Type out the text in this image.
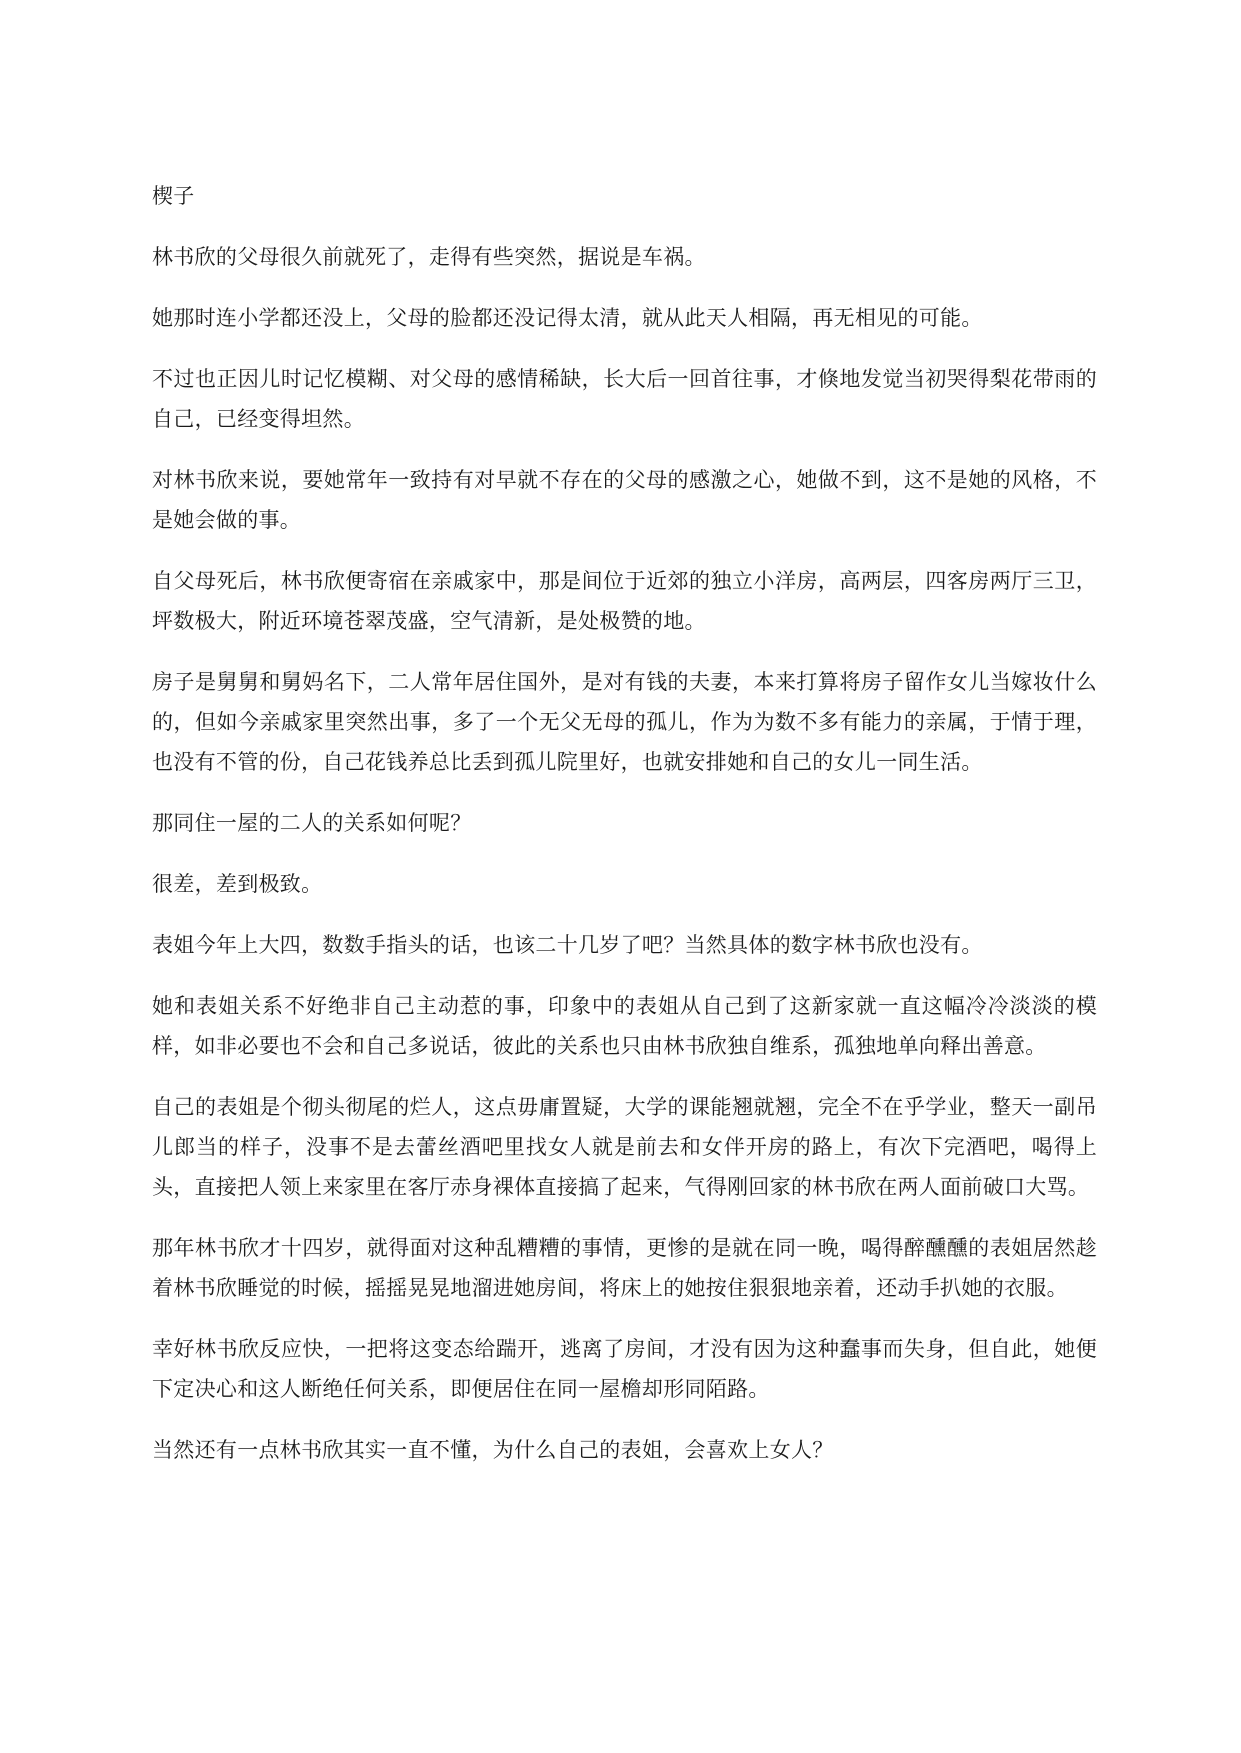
楔子

林书欣的父母很久前就死了，走得有些突然，据说是车祸。

她那时连小学都还没上，父母的脸都还没记得太清，就从此天人相隔，再无相见的可能。

不过也正因儿时记忆模糊、对父母的感情稀缺，长大后一回首往事，才倏地发觉当初哭得梨花带雨的自己，已经变得坦然。

对林书欣来说，要她常年一致持有对早就不存在的父母的感激之心，她做不到，这不是她的风格，不是她会做的事。

自父母死后，林书欣便寄宿在亲戚家中，那是间位于近郊的独立小洋房，高两层，四客房两厅三卫，坪数极大，附近环境苍翠茂盛，空气清新，是处极赞的地。

房子是舅舅和舅妈名下，二人常年居住国外，是对有钱的夫妻，本来打算将房子留作女儿当嫁妆什么的，但如今亲戚家里突然出事，多了一个无父无母的孤儿，作为为数不多有能力的亲属，于情于理，也没有不管的份，自己花钱养总比丢到孤儿院里好，也就安排她和自己的女儿一同生活。

那同住一屋的二人的关系如何呢？

很差，差到极致。

表姐今年上大四，数数手指头的话，也该二十几岁了吧？当然具体的数字林书欣也没有。

她和表姐关系不好绝非自己主动惹的事，印象中的表姐从自己到了这新家就一直这幅冷冷淡淡的模样，如非必要也不会和自己多说话，彼此的关系也只由林书欣独自维系，孤独地单向释出善意。

自己的表姐是个彻头彻尾的烂人，这点毋庸置疑，大学的课能翘就翘，完全不在乎学业，整天一副吊儿郎当的样子，没事不是去蕾丝酒吧里找女人就是前去和女伴开房的路上，有次下完酒吧，喝得上头，直接把人领上来家里在客厅赤身裸体直接搞了起来，气得刚回家的林书欣在两人面前破口大骂。

那年林书欣才十四岁，就得面对这种乱糟糟的事情，更惨的是就在同一晚，喝得醉醺醺的表姐居然趁着林书欣睡觉的时候，摇摇晃晃地溜进她房间，将床上的她按住狠狠地亲着，还动手扒她的衣服。

幸好林书欣反应快，一把将这变态给踹开，逃离了房间，才没有因为这种蠢事而失身，但自此，她便下定决心和这人断绝任何关系，即便居住在同一屋檐却形同陌路。

当然还有一点林书欣其实一直不懂，为什么自己的表姐，会喜欢上女人？
